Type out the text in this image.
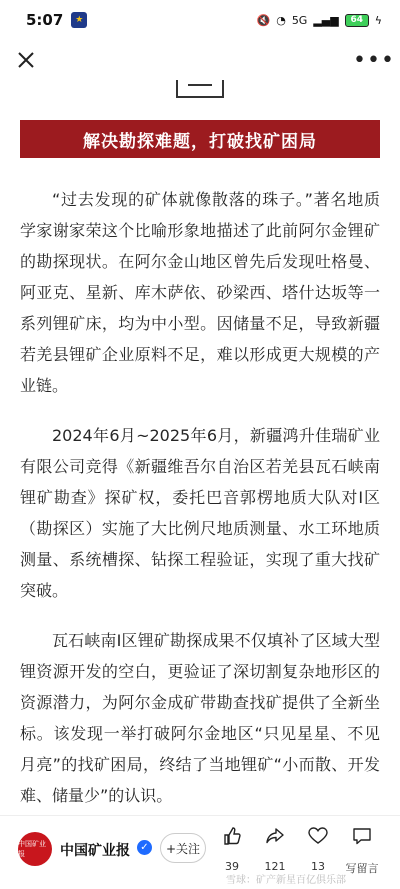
5:07	★	🔇 ◔ 5G ▂▄▆	64	ϟ
•••
解决勘探难题，打破找矿困局

“过去发现的矿体就像散落的珠子。”著名地质学家谢家荣这个比喻形象地描述了此前阿尔金锂矿的勘探现状。在阿尔金山地区曾先后发现吐格曼、阿亚克、星新、库木萨依、砂梁西、塔什达坂等一系列锂矿床，均为中小型。因储量不足，导致新疆若羌县锂矿企业原料不足，难以形成更大规模的产业链。

2024年6月~2025年6月，新疆鸿升佳瑞矿业有限公司竞得《新疆维吾尔自治区若羌县瓦石峡南锂矿勘查》探矿权，委托巴音郭楞地质大队对I区（勘探区）实施了大比例尺地质测量、水工环地质测量、系统槽探、钻探工程验证，实现了重大找矿突破。

瓦石峡南I区锂矿勘探成果不仅填补了区域大型锂资源开发的空白，更验证了深切割复杂地形区的资源潜力，为阿尔金成矿带勘查找矿提供了全新坐标。该发现一举打破阿尔金地区“只见星星、不见月亮”的找矿困局，终结了当地锂矿“小而散、开发难、储量少”的认识。

中国矿业报	中国矿业报	✓	+关注
39	121	13	写留言
雪球：矿产新星百亿俱乐部
